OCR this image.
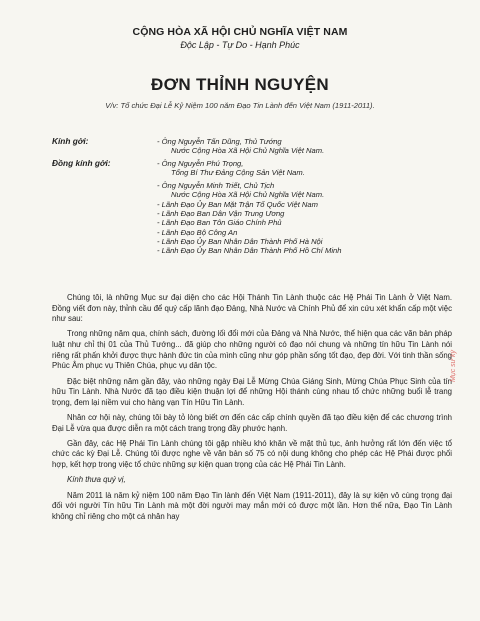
CỘNG HÒA XÃ HỘI CHỦ NGHĨA VIỆT NAM
Độc Lập - Tự Do - Hạnh Phúc
ĐƠN THỈNH NGUYỆN
V/v: Tổ chức Đại Lễ Kỷ Niệm 100 năm Đạo Tin Lành đến Việt Nam (1911-2011).
Kính gởi:	- Ông Nguyễn Tấn Dũng, Thủ Tướng
Nước Cộng Hòa Xã Hội Chủ Nghĩa Việt Nam.
Đồng kính gởi:	- Ông Nguyễn Phú Trọng,
Tổng Bí Thư Đảng Cộng Sản Việt Nam.
- Ông Nguyễn Minh Triết, Chủ Tịch
Nước Cộng Hòa Xã Hội Chủ Nghĩa Việt Nam.
- Lãnh Đạo Ủy Ban Mặt Trận Tổ Quốc Việt Nam
- Lãnh Đạo Ban Dân Vận Trung Ương
- Lãnh Đạo Ban Tôn Giáo Chính Phủ
- Lãnh Đạo Bộ Công An
- Lãnh Đạo Ủy Ban Nhân Dân Thành Phố Hà Nội
- Lãnh Đạo Ủy Ban Nhân Dân Thành Phố Hồ Chí Minh

Chúng tôi, là những Mục sư đại diện cho các Hội Thánh Tin Lành thuộc các Hệ Phái Tin Lành ở Việt Nam. Đồng viết đơn này, thỉnh cầu để quý cấp lãnh đạo Đảng, Nhà Nước và Chính Phủ để xin cứu xét khẩn cấp một việc như sau:

Trong những năm qua, chính sách, đường lối đổi mới của Đảng và Nhà Nước, thể hiện qua các văn bản pháp luật như chỉ thị 01 của Thủ Tướng... đã giúp cho những người có đạo nói chung và những tín hữu Tin Lành nói riêng rất phấn khởi được thực hành đức tin của mình cũng như góp phần sống tốt đạo, đẹp đời. Với tinh thần sống Phúc Âm phục vụ Thiên Chúa, phục vụ dân tộc.

Đặc biệt những năm gần đây, vào những ngày Đại Lễ Mừng Chúa Giáng Sinh, Mừng Chúa Phục Sinh của tín hữu Tin Lành. Nhà Nước đã tạo điều kiện thuận lợi để những Hội thánh cùng nhau tổ chức những buổi lễ trang trọng, đem lại niềm vui cho hàng vạn Tín Hữu Tin Lành.

Nhân cơ hội này, chúng tôi bày tỏ lòng biết ơn đến các cấp chính quyền đã tạo điều kiện để các chương trình Đại Lễ vừa qua được diễn ra một cách trang trọng đầy phước hạnh.

Gần đây, các Hệ Phái Tin Lành chúng tôi gặp nhiều khó khăn về mặt thủ tục, ảnh hưởng rất lớn đến việc tổ chức các kỳ Đại Lễ. Chúng tôi được nghe về văn bản số 75 có nội dung không cho phép các Hệ Phái được phối hợp, kết hợp trong việc tổ chức những sự kiện quan trọng của các Hệ Phái Tin Lành.

Kính thưa quý vị,

Năm 2011 là năm kỷ niệm 100 năm Đạo Tin lành đến Việt Nam (1911-2011), đây là sự kiện vô cùng trọng đại đối với người Tín hữu Tin Lành mà một đời người may mắn mới có được một lần. Hơn thế nữa, Đạo Tin Lành không chỉ riêng cho một cá nhân hay

Mục sư ký
